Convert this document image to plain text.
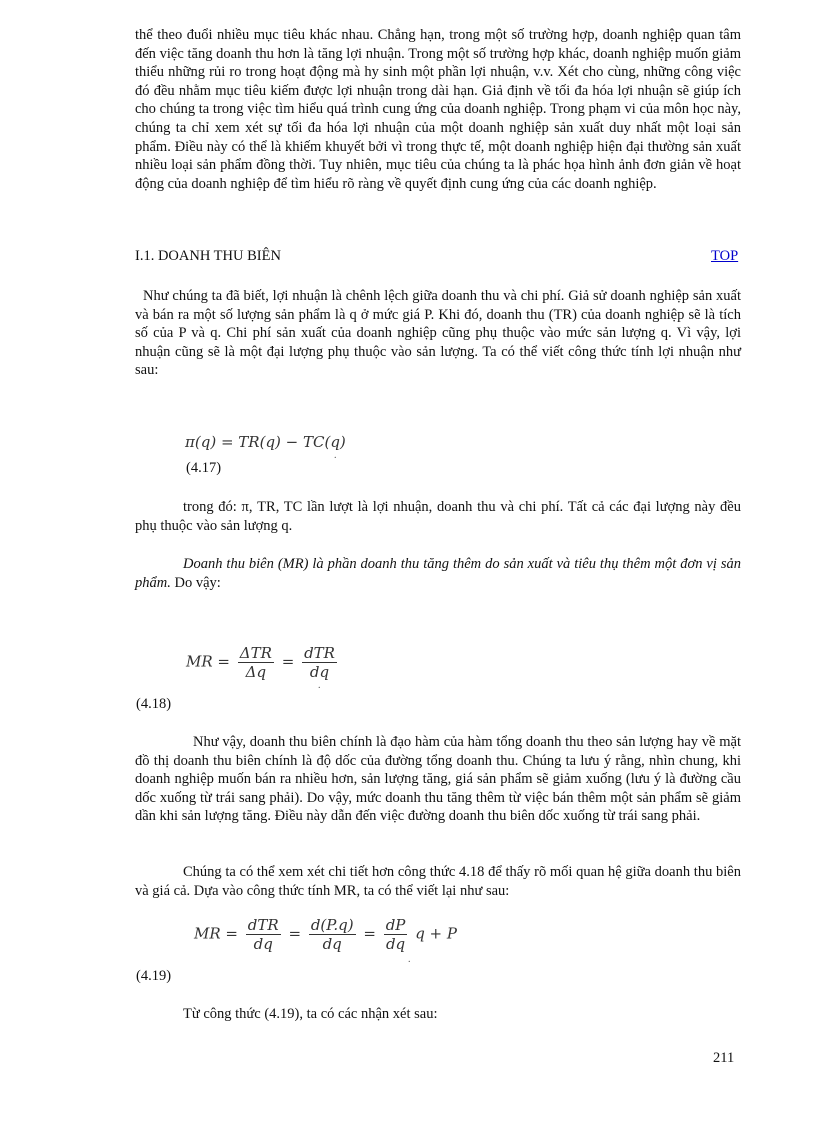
thể theo đuổi nhiều mục tiêu khác nhau. Chẳng hạn, trong một số trường hợp, doanh nghiệp quan tâm đến việc tăng doanh thu hơn là tăng lợi nhuận. Trong một số trường hợp khác, doanh nghiệp muốn giảm thiểu những rủi ro trong hoạt động mà hy sinh một phần lợi nhuận, v.v. Xét cho cùng, những công việc đó đều nhằm mục tiêu kiếm được lợi nhuận trong dài hạn. Giả định về tối đa hóa lợi nhuận sẽ giúp ích cho chúng ta trong việc tìm hiểu quá trình cung ứng của doanh nghiệp. Trong phạm vi của môn học này, chúng ta chỉ xem xét sự tối đa hóa lợi nhuận của một doanh nghiệp sản xuất duy nhất một loại sản phẩm. Điều này có thể là khiếm khuyết bởi vì trong thực tế, một doanh nghiệp hiện đại thường sản xuất nhiều loại sản phẩm đồng thời. Tuy nhiên, mục tiêu của chúng ta là phác họa hình ảnh đơn giản về hoạt động của doanh nghiệp để tìm hiểu rõ ràng về quyết định cung ứng của các doanh nghiệp.

I.1. DOANH THU BIÊN	TOP

Như chúng ta đã biết, lợi nhuận là chênh lệch giữa doanh thu và chi phí. Giả sử doanh nghiệp sản xuất và bán ra một số lượng sản phẩm là q ở mức giá P. Khi đó, doanh thu (TR) của doanh nghiệp sẽ là tích số của P và q. Chi phí sản xuất của doanh nghiệp cũng phụ thuộc vào mức sản lượng q. Vì vậy, lợi nhuận cũng sẽ là một đại lượng phụ thuộc vào sản lượng. Ta có thể viết công thức tính lợi nhuận như sau:

π(q) = TR(q) − TC(q)
.
(4.17)

trong đó: π, TR, TC lần lượt là lợi nhuận, doanh thu và chi phí. Tất cả các đại lượng này đều phụ thuộc vào sản lượng q.

Doanh thu biên (MR) là phần doanh thu tăng thêm do sản xuất và tiêu thụ thêm một đơn vị sản phẩm. Do vậy:

MR = $\frac{\text{ΔTR}}{\Delta q} = \frac{\text{dTR}}{dq}$
.
(4.18)

Như vậy, doanh thu biên chính là đạo hàm của hàm tổng doanh thu theo sản lượng hay về mặt đồ thị doanh thu biên chính là độ dốc của đường tổng doanh thu. Chúng ta lưu ý rằng, nhìn chung, khi doanh nghiệp muốn bán ra nhiều hơn, sản lượng tăng, giá sản phẩm sẽ giảm xuống (lưu ý là đường cầu dốc xuống từ trái sang phải). Do vậy, mức doanh thu tăng thêm từ việc bán thêm một sản phẩm sẽ giảm dần khi sản lượng tăng. Điều này dẫn đến việc đường doanh thu biên dốc xuống từ trái sang phải.

Chúng ta có thể xem xét chi tiết hơn công thức 4.18 để thấy rõ mối quan hệ giữa doanh thu biên và giá cả. Dựa vào công thức tính MR, ta có thể viết lại như sau:

MR = $\frac{\text{dTR}}{dq} = \frac{d(P.q)}{dq} = \frac{dP}{dq}$ q + P
.
(4.19)

Từ công thức (4.19), ta có các nhận xét sau:

211
